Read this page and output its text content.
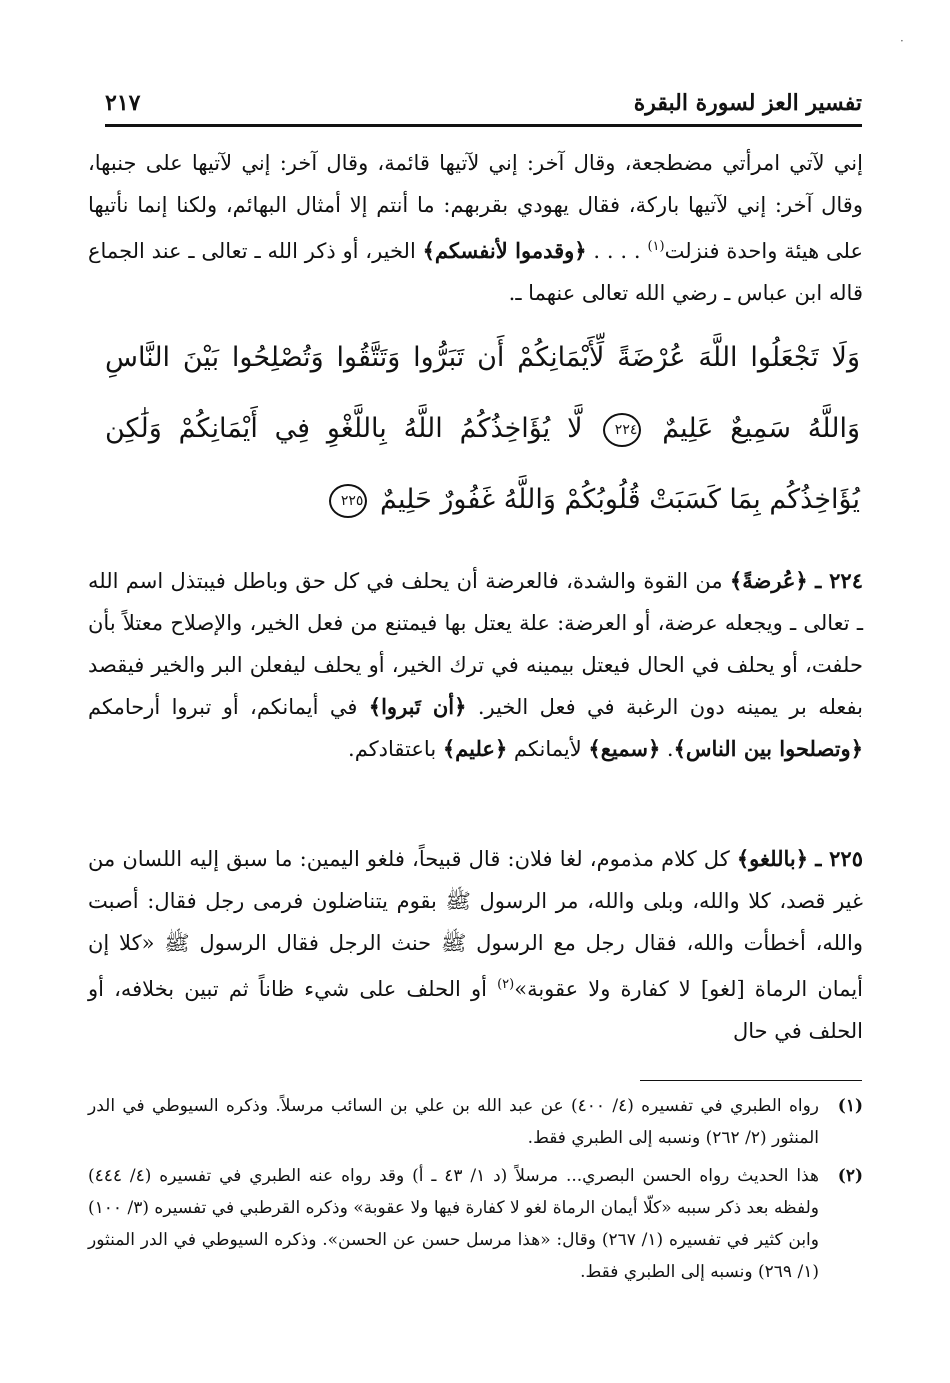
·
تفسير العز لسورة البقرة
٢١٧

إني لآتي امرأتي مضطجعة، وقال آخر: إني لآتيها قائمة، وقال آخر: إني لآتيها على جنبها، وقال آخر: إني لآتيها باركة، فقال يهودي بقربهم: ما أنتم إلا أمثال البهائم، ولكنا إنما نأتيها على هيئة واحدة فنزلت$^{(١)}$ . . . . ﴿وقدموا لأنفسكم﴾ الخير، أو ذكر الله ـ تعالى ـ عند الجماع قاله ابن عباس ـ رضي الله تعالى عنهما ـ.

وَلَا تَجْعَلُوا اللَّهَ عُرْضَةً لِّأَيْمَانِكُمْ أَن تَبَرُّوا وَتَتَّقُوا وَتُصْلِحُوا بَيْنَ النَّاسِ وَاللَّهُ سَمِيعٌ عَلِيمٌ ٢٢٤ لَّا يُؤَاخِذُكُمُ اللَّهُ بِاللَّغْوِ فِي أَيْمَانِكُمْ وَلَٰكِن يُؤَاخِذُكُم بِمَا كَسَبَتْ قُلُوبُكُمْ وَاللَّهُ غَفُورٌ حَلِيمٌ ٢٢٥

٢٢٤ ـ ﴿عُرضةً﴾ من القوة والشدة، فالعرضة أن يحلف في كل حق وباطل فيبتذل اسم الله ـ تعالى ـ ويجعله عرضة، أو العرضة: علة يعتل بها فيمتنع من فعل الخير، والإصلاح معتلاً بأن حلفت، أو يحلف في الحال فيعتل بيمينه في ترك الخير، أو يحلف ليفعلن البر والخير فيقصد بفعله بر يمينه دون الرغبة في فعل الخير. ﴿أن تَبروا﴾ في أيمانكم، أو تبروا أرحامكم ﴿وتصلحوا بين الناس﴾. ﴿سميع﴾ لأيمانكم ﴿عليم﴾ باعتقادكم.

٢٢٥ ـ ﴿باللغو﴾ كل كلام مذموم، لغا فلان: قال قبيحاً، فلغو اليمين: ما سبق إليه اللسان من غير قصد، كلا والله، وبلى والله، مر الرسول ﷺ بقوم يتناضلون فرمى رجل فقال: أصبت والله، أخطأت والله، فقال رجل مع الرسول ﷺ حنث الرجل فقال الرسول ﷺ «كلا إن أيمان الرماة [لغو] لا كفارة ولا عقوبة»$^{(٢)}$ أو الحلف على شيء ظاناً ثم تبين بخلافه، أو الحلف في حال

(١)
رواه الطبري في تفسيره (٤/ ٤٠٠) عن عبد الله بن علي بن السائب مرسلاً. وذكره السيوطي في الدر المنثور (٢/ ٢٦٢) ونسبه إلى الطبري فقط.
(٢)
هذا الحديث رواه الحسن البصري... مرسلاً (د ١/ ٤٣ ـ أ) وقد رواه عنه الطبري في تفسيره (٤/ ٤٤٤) ولفظه بعد ذكر سببه «كلّا أيمان الرماة لغو لا كفارة فيها ولا عقوبة» وذكره القرطبي في تفسيره (٣/ ١٠٠) وابن كثير في تفسيره (١/ ٢٦٧) وقال: «هذا مرسل حسن عن الحسن». وذكره السيوطي في الدر المنثور (١/ ٢٦٩) ونسبه إلى الطبري فقط.
